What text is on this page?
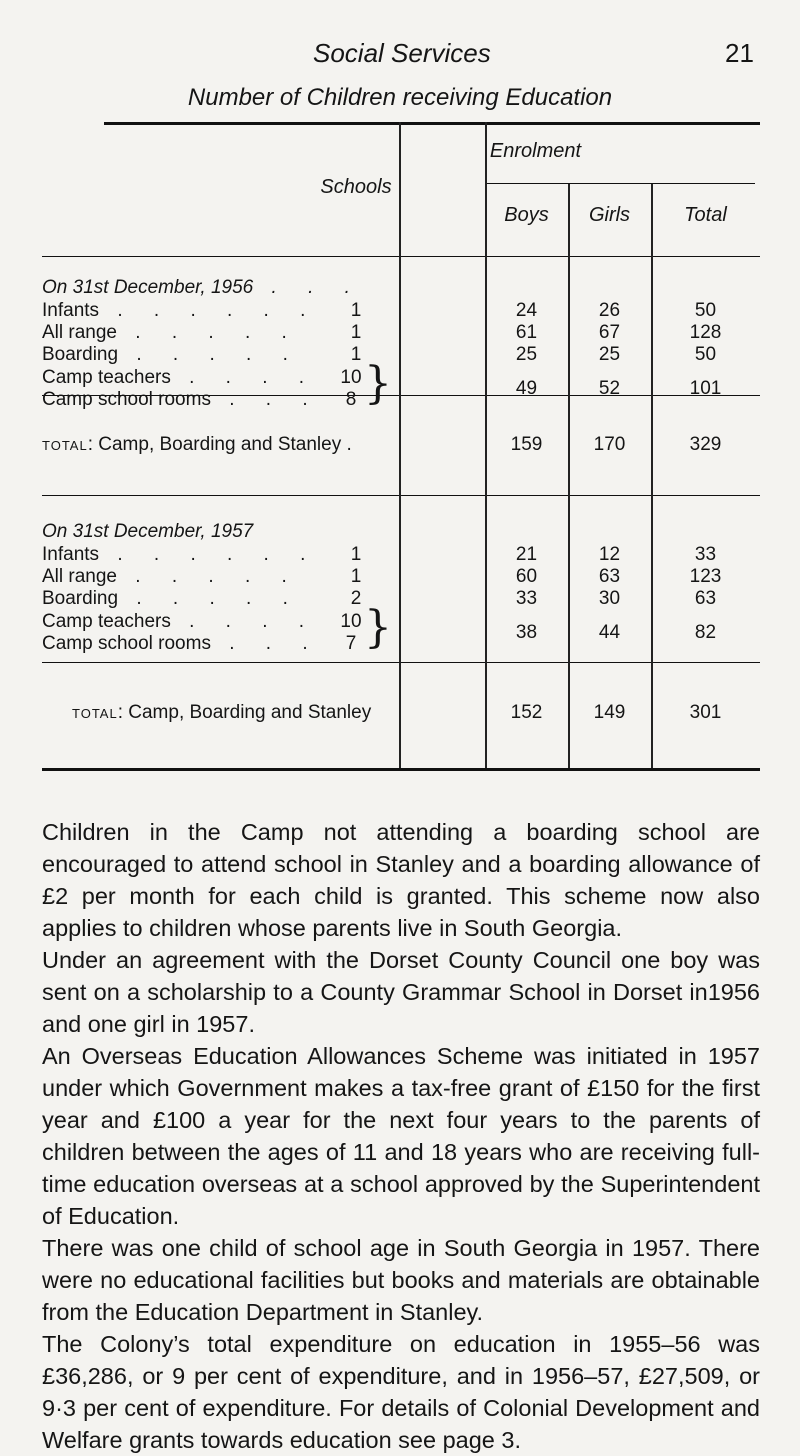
Social Services	21
Number of Children receiving Education
Enrolment
Schools
Boys	Girls	Total
On 31st December, 1956 . . .
Infants . . . . . .	1	24	26	50
All range . . . . .	1	61	67	128
Boarding . . . . .	1	25	25	50
Camp teachers . . . .	10
Camp school rooms . . .	8 }	49	52	101
total: Camp, Boarding and Stanley .	159	170	329
On 31st December, 1957
Infants . . . . . .	1	21	12	33
All range . . . . .	1	60	63	123
Boarding . . . . .	2	33	30	63
Camp teachers . . . .	10
Camp school rooms . . .	7 }	38	44	82
total: Camp, Boarding and Stanley	152	149	301

Children in the Camp not attending a boarding school are encouraged to attend school in Stanley and a boarding allowance of £2 per month for each child is granted. This scheme now also applies to children whose parents live in South Georgia.

Under an agreement with the Dorset County Council one boy was sent on a scholarship to a County Grammar School in Dorset in1956 and one girl in 1957.

An Overseas Education Allowances Scheme was initiated in 1957 under which Government makes a tax-free grant of £150 for the first year and £100 a year for the next four years to the parents of children between the ages of 11 and 18 years who are receiving full-time education overseas at a school approved by the Superintendent of Education.

There was one child of school age in South Georgia in 1957. There were no educational facilities but books and materials are obtainable from the Education Department in Stanley.

The Colony’s total expenditure on education in 1955–56 was £36,286, or 9 per cent of expenditure, and in 1956–57, £27,509, or 9·3 per cent of expenditure. For details of Colonial Development and Welfare grants towards education see page 3.
